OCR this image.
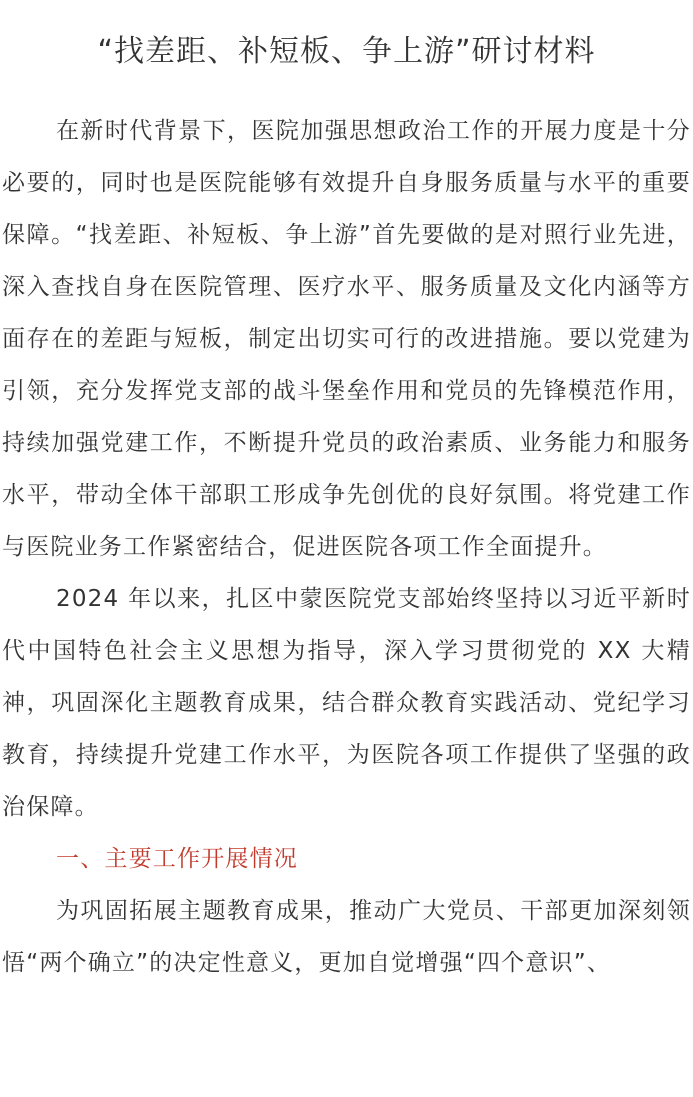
“找差距、补短板、争上游”研讨材料

在新时代背景下，医院加强思想政治工作的开展力度是十分必要的，同时也是医院能够有效提升自身服务质量与水平的重要保障。“找差距、补短板、争上游”首先要做的是对照行业先进，深入查找自身在医院管理、医疗水平、服务质量及文化内涵等方面存在的差距与短板，制定出切实可行的改进措施。要以党建为引领，充分发挥党支部的战斗堡垒作用和党员的先锋模范作用，持续加强党建工作，不断提升党员的政治素质、业务能力和服务水平，带动全体干部职工形成争先创优的良好氛围。将党建工作与医院业务工作紧密结合，促进医院各项工作全面提升。

2024 年以来，扎区中蒙医院党支部始终坚持以习近平新时代中国特色社会主义思想为指导，深入学习贯彻党的 XX 大精神，巩固深化主题教育成果，结合群众教育实践活动、党纪学习教育，持续提升党建工作水平，为医院各项工作提供了坚强的政治保障。

一、主要工作开展情况

为巩固拓展主题教育成果，推动广大党员、干部更加深刻领悟“两个确立”的决定性意义，更加自觉增强“四个意识”、
